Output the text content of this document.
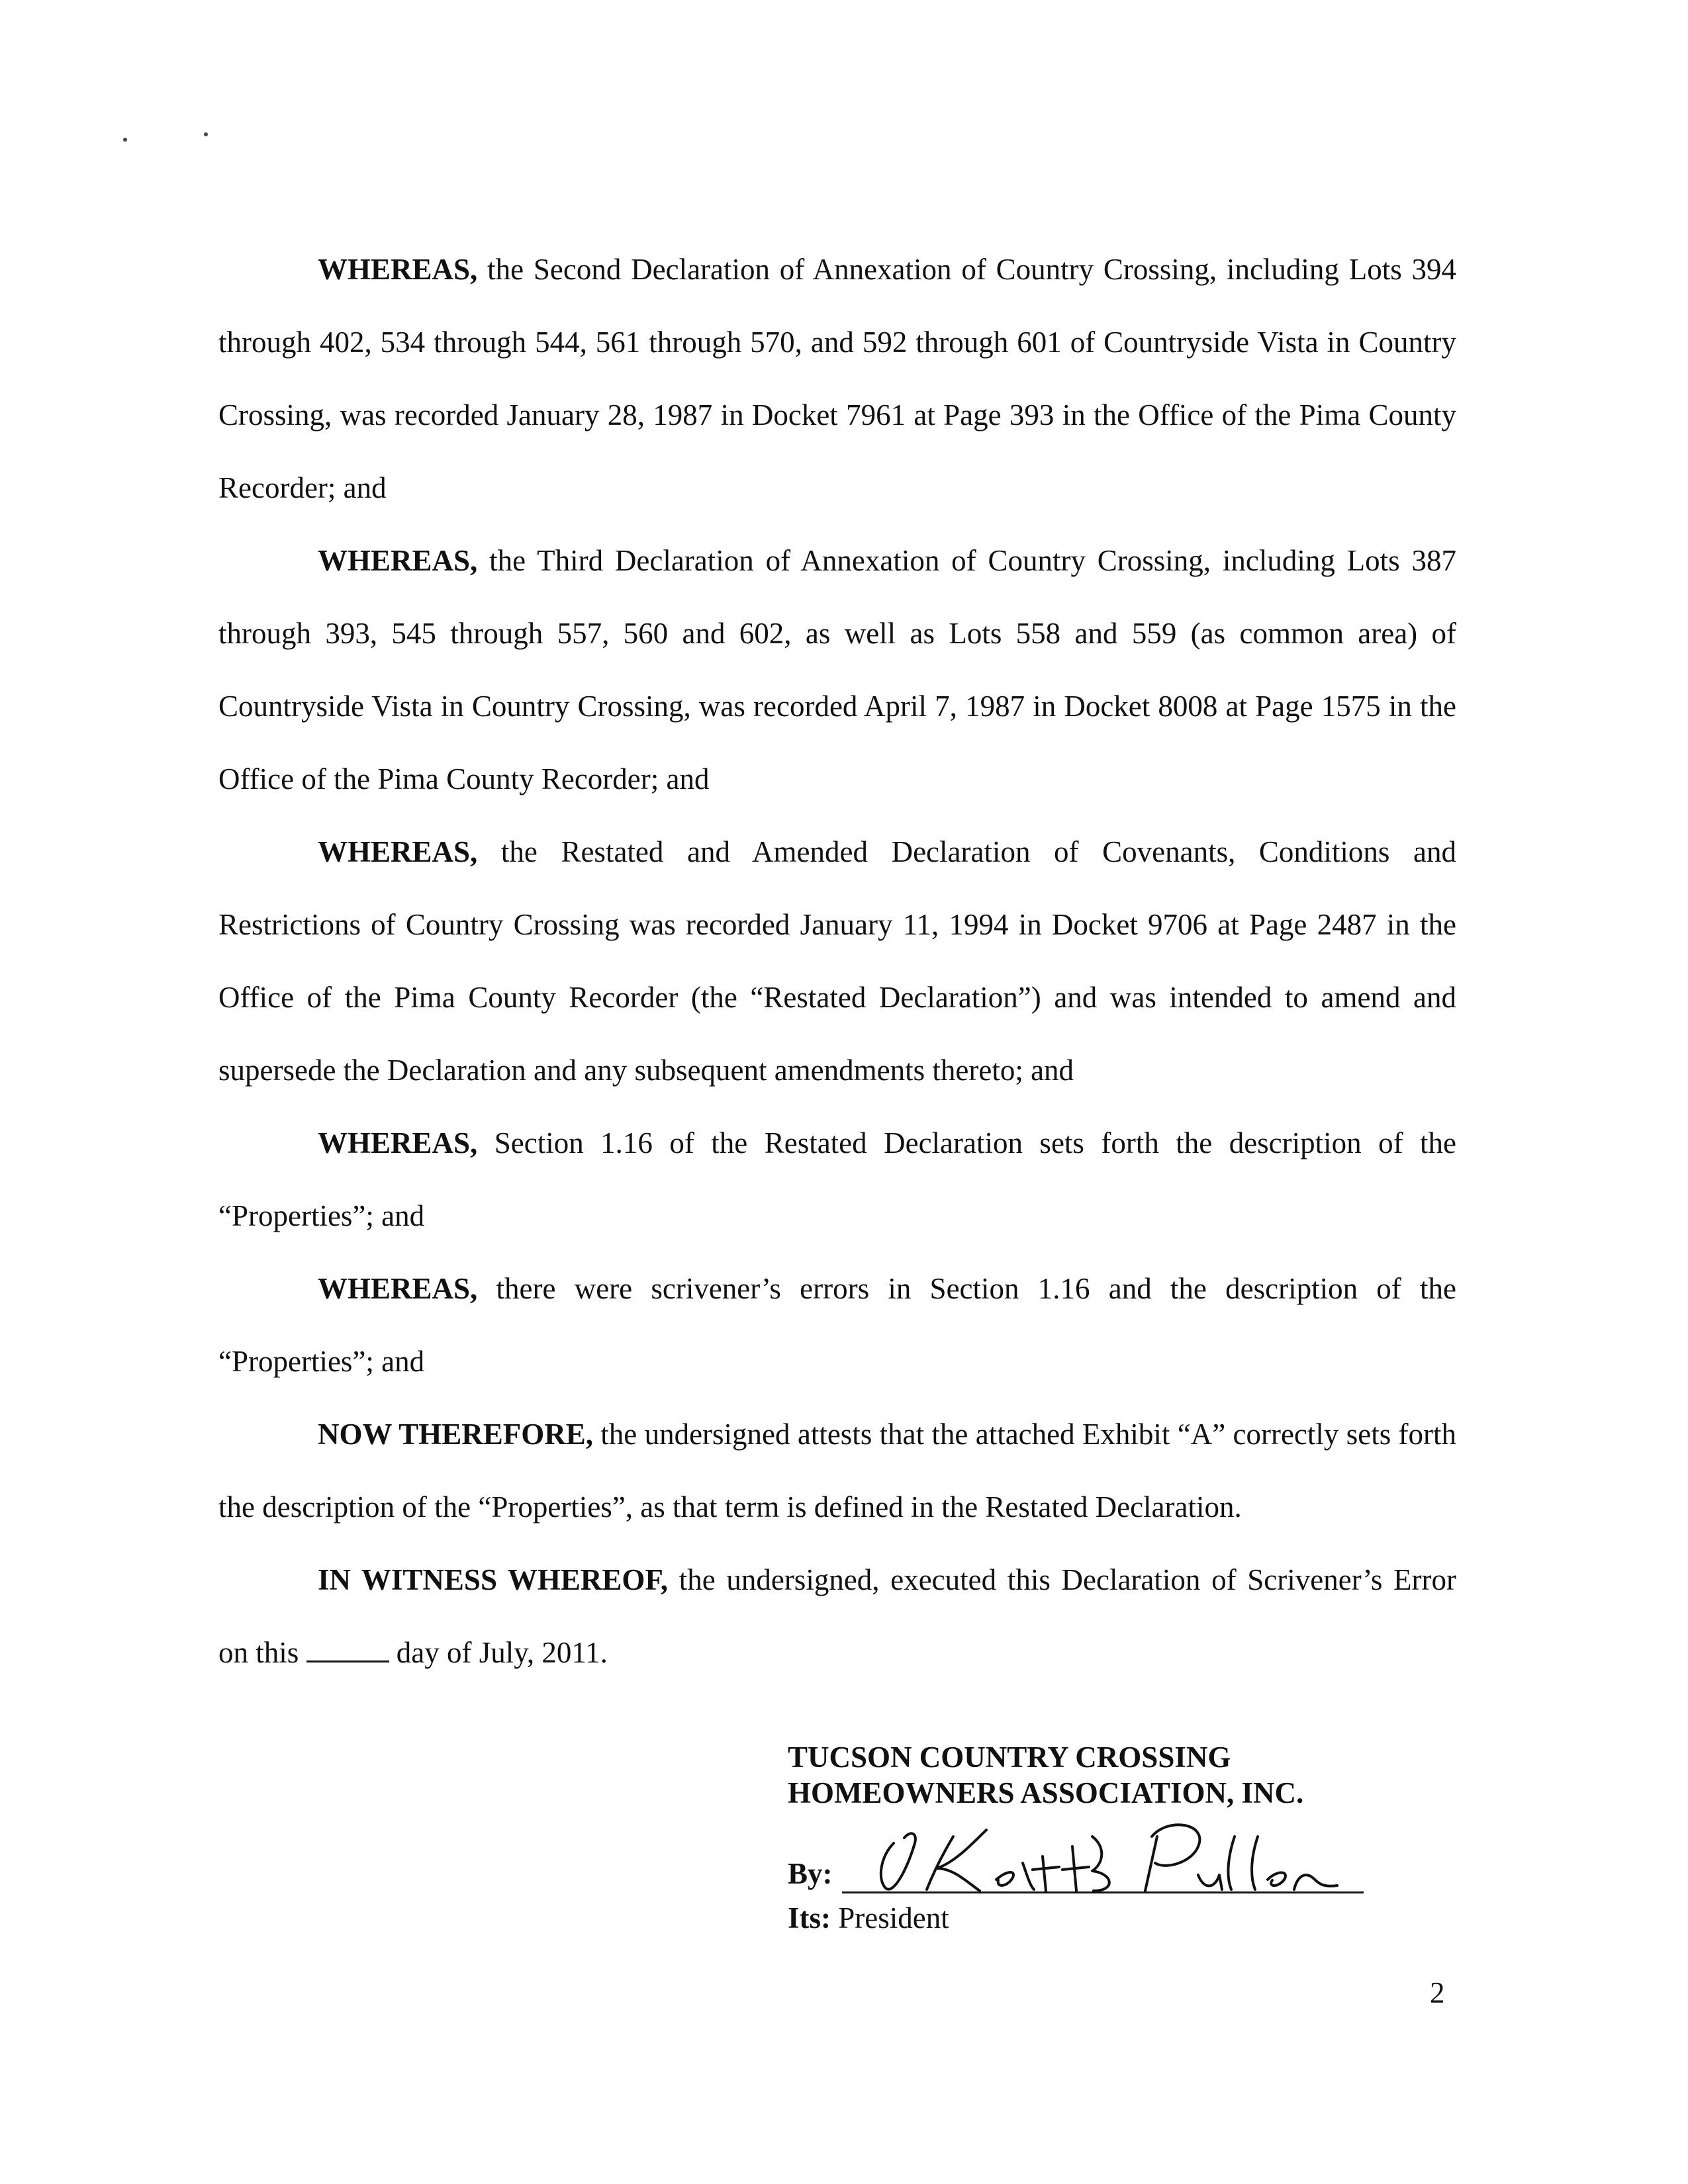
WHEREAS, the Second Declaration of Annexation of Country Crossing, including Lots 394 through 402, 534 through 544, 561 through 570, and 592 through 601 of Countryside Vista in Country Crossing, was recorded January 28, 1987 in Docket 7961 at Page 393 in the Office of the Pima County Recorder; and

WHEREAS, the Third Declaration of Annexation of Country Crossing, including Lots 387 through 393, 545 through 557, 560 and 602, as well as Lots 558 and 559 (as common area) of Countryside Vista in Country Crossing, was recorded April 7, 1987 in Docket 8008 at Page 1575 in the Office of the Pima County Recorder; and

WHEREAS, the Restated and Amended Declaration of Covenants, Conditions and Restrictions of Country Crossing was recorded January 11, 1994 in Docket 9706 at Page 2487 in the Office of the Pima County Recorder (the “Restated Declaration”) and was intended to amend and supersede the Declaration and any subsequent amendments thereto; and

WHEREAS, Section 1.16 of the Restated Declaration sets forth the description of the “Properties”; and

WHEREAS, there were scrivener’s errors in Section 1.16 and the description of the “Properties”; and

NOW THEREFORE, the undersigned attests that the attached Exhibit “A” correctly sets forth the description of the “Properties”, as that term is defined in the Restated Declaration.

IN WITNESS WHEREOF, the undersigned, executed this Declaration of Scrivener’s Error on this	day of July, 2011.

TUCSON COUNTRY CROSSING

HOMEOWNERS ASSOCIATION, INC.

By:
Keith Pullen
Its: President
2
